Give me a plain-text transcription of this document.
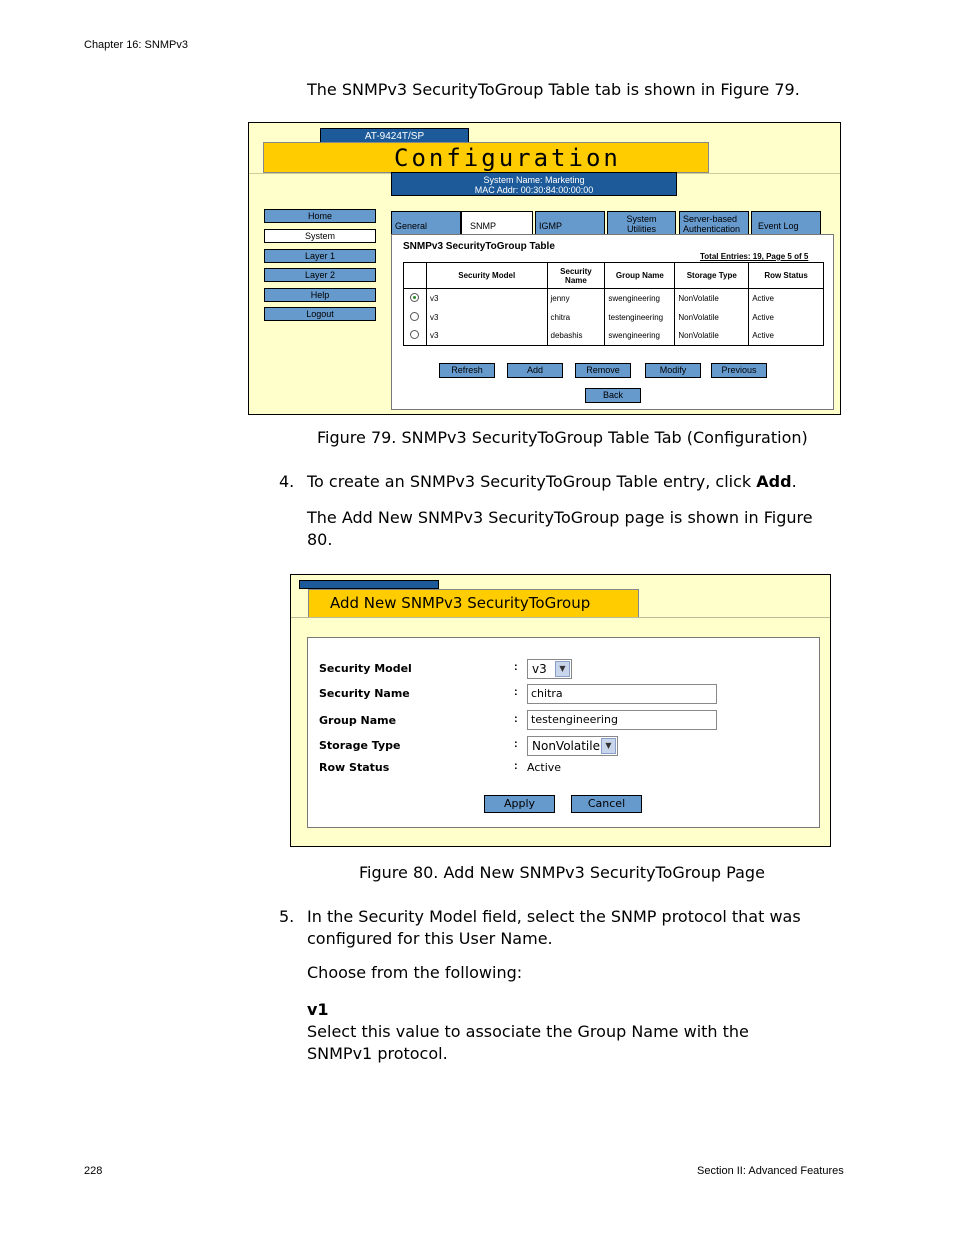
Chapter 16: SNMPv3
The SNMPv3 SecurityToGroup Table tab is shown in Figure 79.
AT-9424T/SP
Configuration
System Name: Marketing
MAC Addr: 00:30:84:00:00:00
Home
System
Layer 1
Layer 2
Help
Logout
General	SNMP	IGMP
System Utilities
Server-based Authentication	Event Log
SNMPv3 SecurityToGroup Table
Total Entries: 19, Page 5 of 5
	Security Model	Security Name	Group Name	Storage Type	Row Status
	v3	jenny	swengineering	NonVolatile	Active
	v3	chitra	testengineering	NonVolatile	Active
	v3	debashis	swengineering	NonVolatile	Active
Refresh	Add	Remove	Modify	Previous
Back
Figure 79. SNMPv3 SecurityToGroup Table Tab (Configuration)
4. To create an SNMPv3 SecurityToGroup Table entry, click Add.
The Add New SNMPv3 SecurityToGroup page is shown in Figure 80.
Add New SNMPv3 SecurityToGroup
Security Model	:	v3	▼
Security Name	:	chitra
Group Name	:	testengineering
Storage Type	:	NonVolatile ▼
Row Status	: Active
Apply	Cancel
Figure 80. Add New SNMPv3 SecurityToGroup Page
5. In the Security Model field, select the SNMP protocol that was configured for this User Name.
Choose from the following:
v1
Select this value to associate the Group Name with the SNMPv1 protocol.
228	Section II: Advanced Features
